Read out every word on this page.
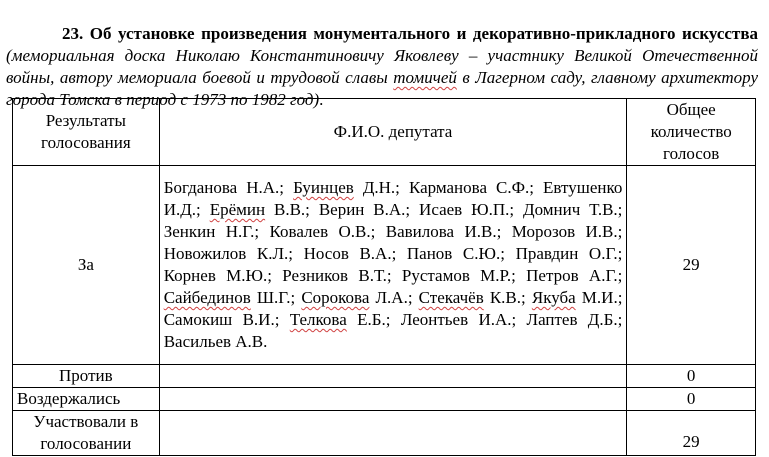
23. Об установке произведения монументального и декоративно-прикладного искусства (мемориальная доска Николаю Константиновичу Яковлеву – участнику Великой Отечественной войны, автору мемориала боевой и трудовой славы томичей в Лагерном саду, главному архитектору города Томска в период с 1973 по 1982 год).

Результаты голосования	Ф.И.О. депутата	Общее количество голосов
За	Богданова Н.А.; Буинцев Д.Н.; Карманова С.Ф.; Евтушенко И.Д.; Ерёмин В.В.; Верин В.А.; Исаев Ю.П.; Домнич Т.В.; Зенкин Н.Г.; Ковалев О.В.; Вавилова И.В.; Морозов И.В.; Новожилов К.Л.; Носов В.А.; Панов С.Ю.; Правдин О.Г.; Корнев М.Ю.; Резников В.Т.; Рустамов М.Р.; Петров А.Г.; Сайбединов Ш.Г.; Сорокова Л.А.; Стекачёв К.В.; Якуба М.И.; Самокиш В.И.; Телкова Е.Б.; Леонтьев И.А.; Лаптев Д.Б.; Васильев А.В.	29
Против		0
Воздержались		0
Участвовали в голосовании		29
